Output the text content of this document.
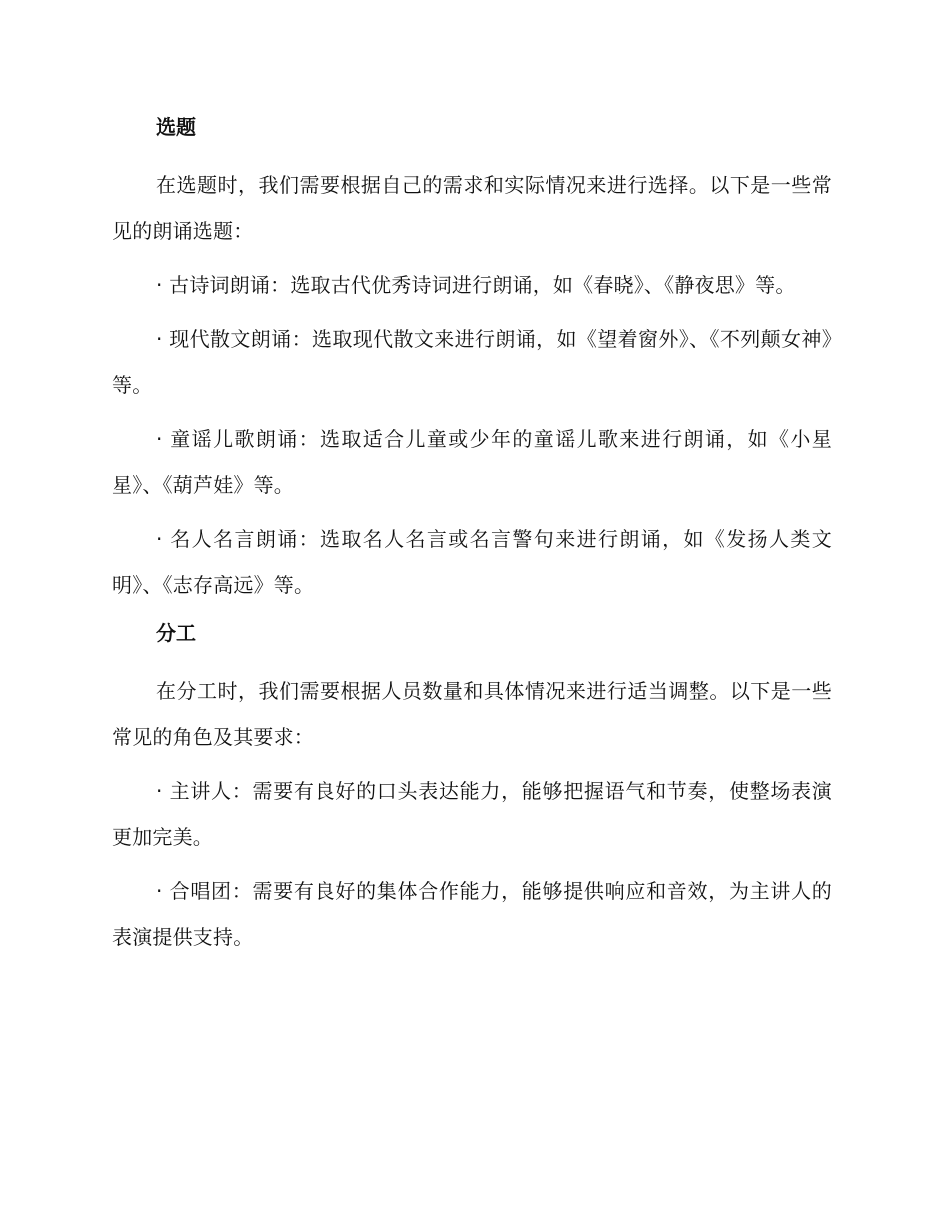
选题

在选题时，我们需要根据自己的需求和实际情况来进行选择。以下是一些常见的朗诵选题：

· 古诗词朗诵：选取古代优秀诗词进行朗诵，如《春晓》、《静夜思》等。

· 现代散文朗诵：选取现代散文来进行朗诵，如《望着窗外》、《不列颠女神》等。

· 童谣儿歌朗诵：选取适合儿童或少年的童谣儿歌来进行朗诵，如《小星星》、《葫芦娃》等。

· 名人名言朗诵：选取名人名言或名言警句来进行朗诵，如《发扬人类文明》、《志存高远》等。

分工

在分工时，我们需要根据人员数量和具体情况来进行适当调整。以下是一些常见的角色及其要求：

· 主讲人：需要有良好的口头表达能力，能够把握语气和节奏，使整场表演更加完美。

· 合唱团：需要有良好的集体合作能力，能够提供响应和音效，为主讲人的表演提供支持。
